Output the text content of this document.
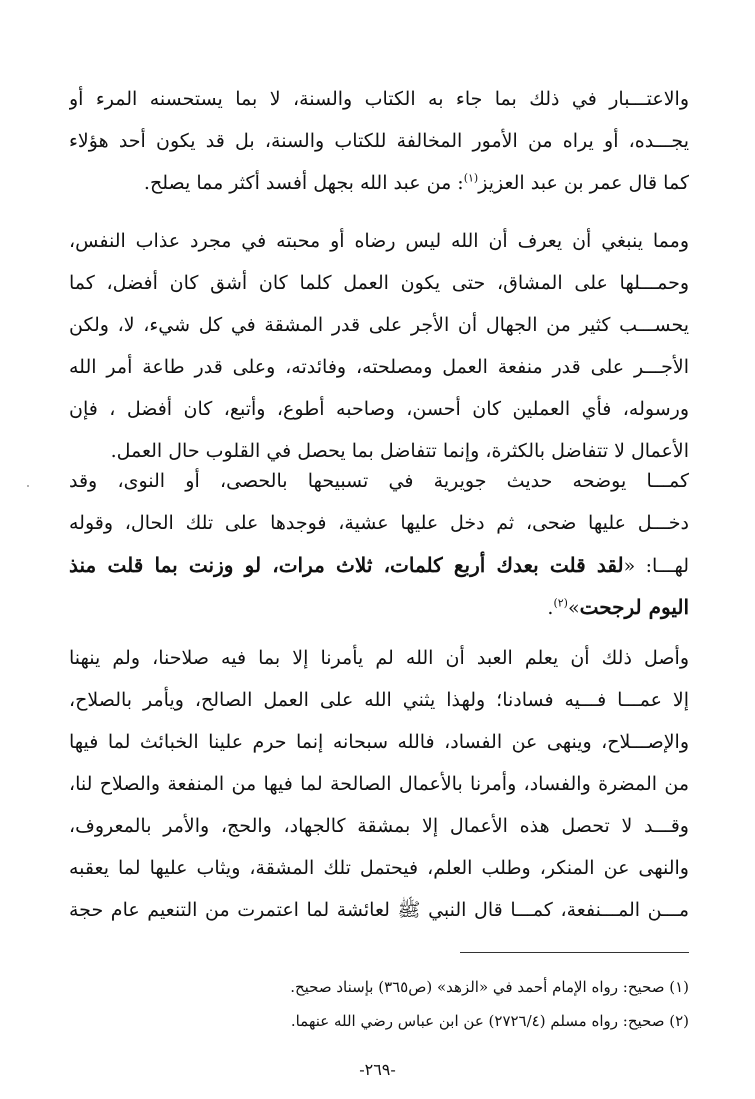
والاعتـــبار في ذلك بما جاء به الكتاب والسنة، لا بما يستحسنه المرء أو
يجـــده، أو يراه من الأمور المخالفة للكتاب والسنة، بل قد يكون أحد هؤلاء
كما قال عمر بن عبد العزيز$^{(١)}$: من عبد الله بجهل أفسد أكثر مما يصلح.
ومما ينبغي أن يعرف أن الله ليس رضاه أو محبته في مجرد عذاب النفس،
وحمـــلها على المشاق، حتى يكون العمل كلما كان أشق كان أفضل، كما
يحســـب كثير من الجهال أن الأجر على قدر المشقة في كل شيء، لا، ولكن
الأجـــر على قدر منفعة العمل ومصلحته، وفائدته، وعلى قدر طاعة أمر الله
ورسوله، فأي العملين كان أحسن، وصاحبه أطوع، وأتبع، كان أفضل ، فإن
الأعمال لا تتفاضل بالكثرة، وإنما تتفاضل بما يحصل في القلوب حال العمل.
كمـــا يوضحه حديث جويرية في تسبيحها بالحصى، أو النوى، وقد
دخـــل عليها ضحى، ثم دخل عليها عشية، فوجدها على تلك الحال، وقوله
لهـــا: «لقد قلت بعدك أربع كلمات، ثلاث مرات، لو وزنت بما قلت منذ
اليوم لرجحت»$^{(٢)}$.
وأصل ذلك أن يعلم العبد أن الله لم يأمرنا إلا بما فيه صلاحنا، ولم ينهنا
إلا عمـــا فـــيه فسادنا؛ ولهذا يثني الله على العمل الصالح، ويأمر بالصلاح،
والإصـــلاح، وينهى عن الفساد، فالله سبحانه إنما حرم علينا الخبائث لما فيها
من المضرة والفساد، وأمرنا بالأعمال الصالحة لما فيها من المنفعة والصلاح لنا،
وقـــد لا تحصل هذه الأعمال إلا بمشقة كالجهاد، والحج، والأمر بالمعروف،
والنهى عن المنكر، وطلب العلم، فيحتمل تلك المشقة، ويثاب عليها لما يعقبه
مـــن المـــنفعة، كمـــا قال النبي ﷺ لعائشة لما اعتمرت من التنعيم عام حجة
(١) صحيح: رواه الإمام أحمد في «الزهد» (ص٣٦٥) بإسناد صحيح.
(٢) صحيح: رواه مسلم (٢٧٢٦/٤) عن ابن عباس رضي الله عنهما.
-٢٦٩-
